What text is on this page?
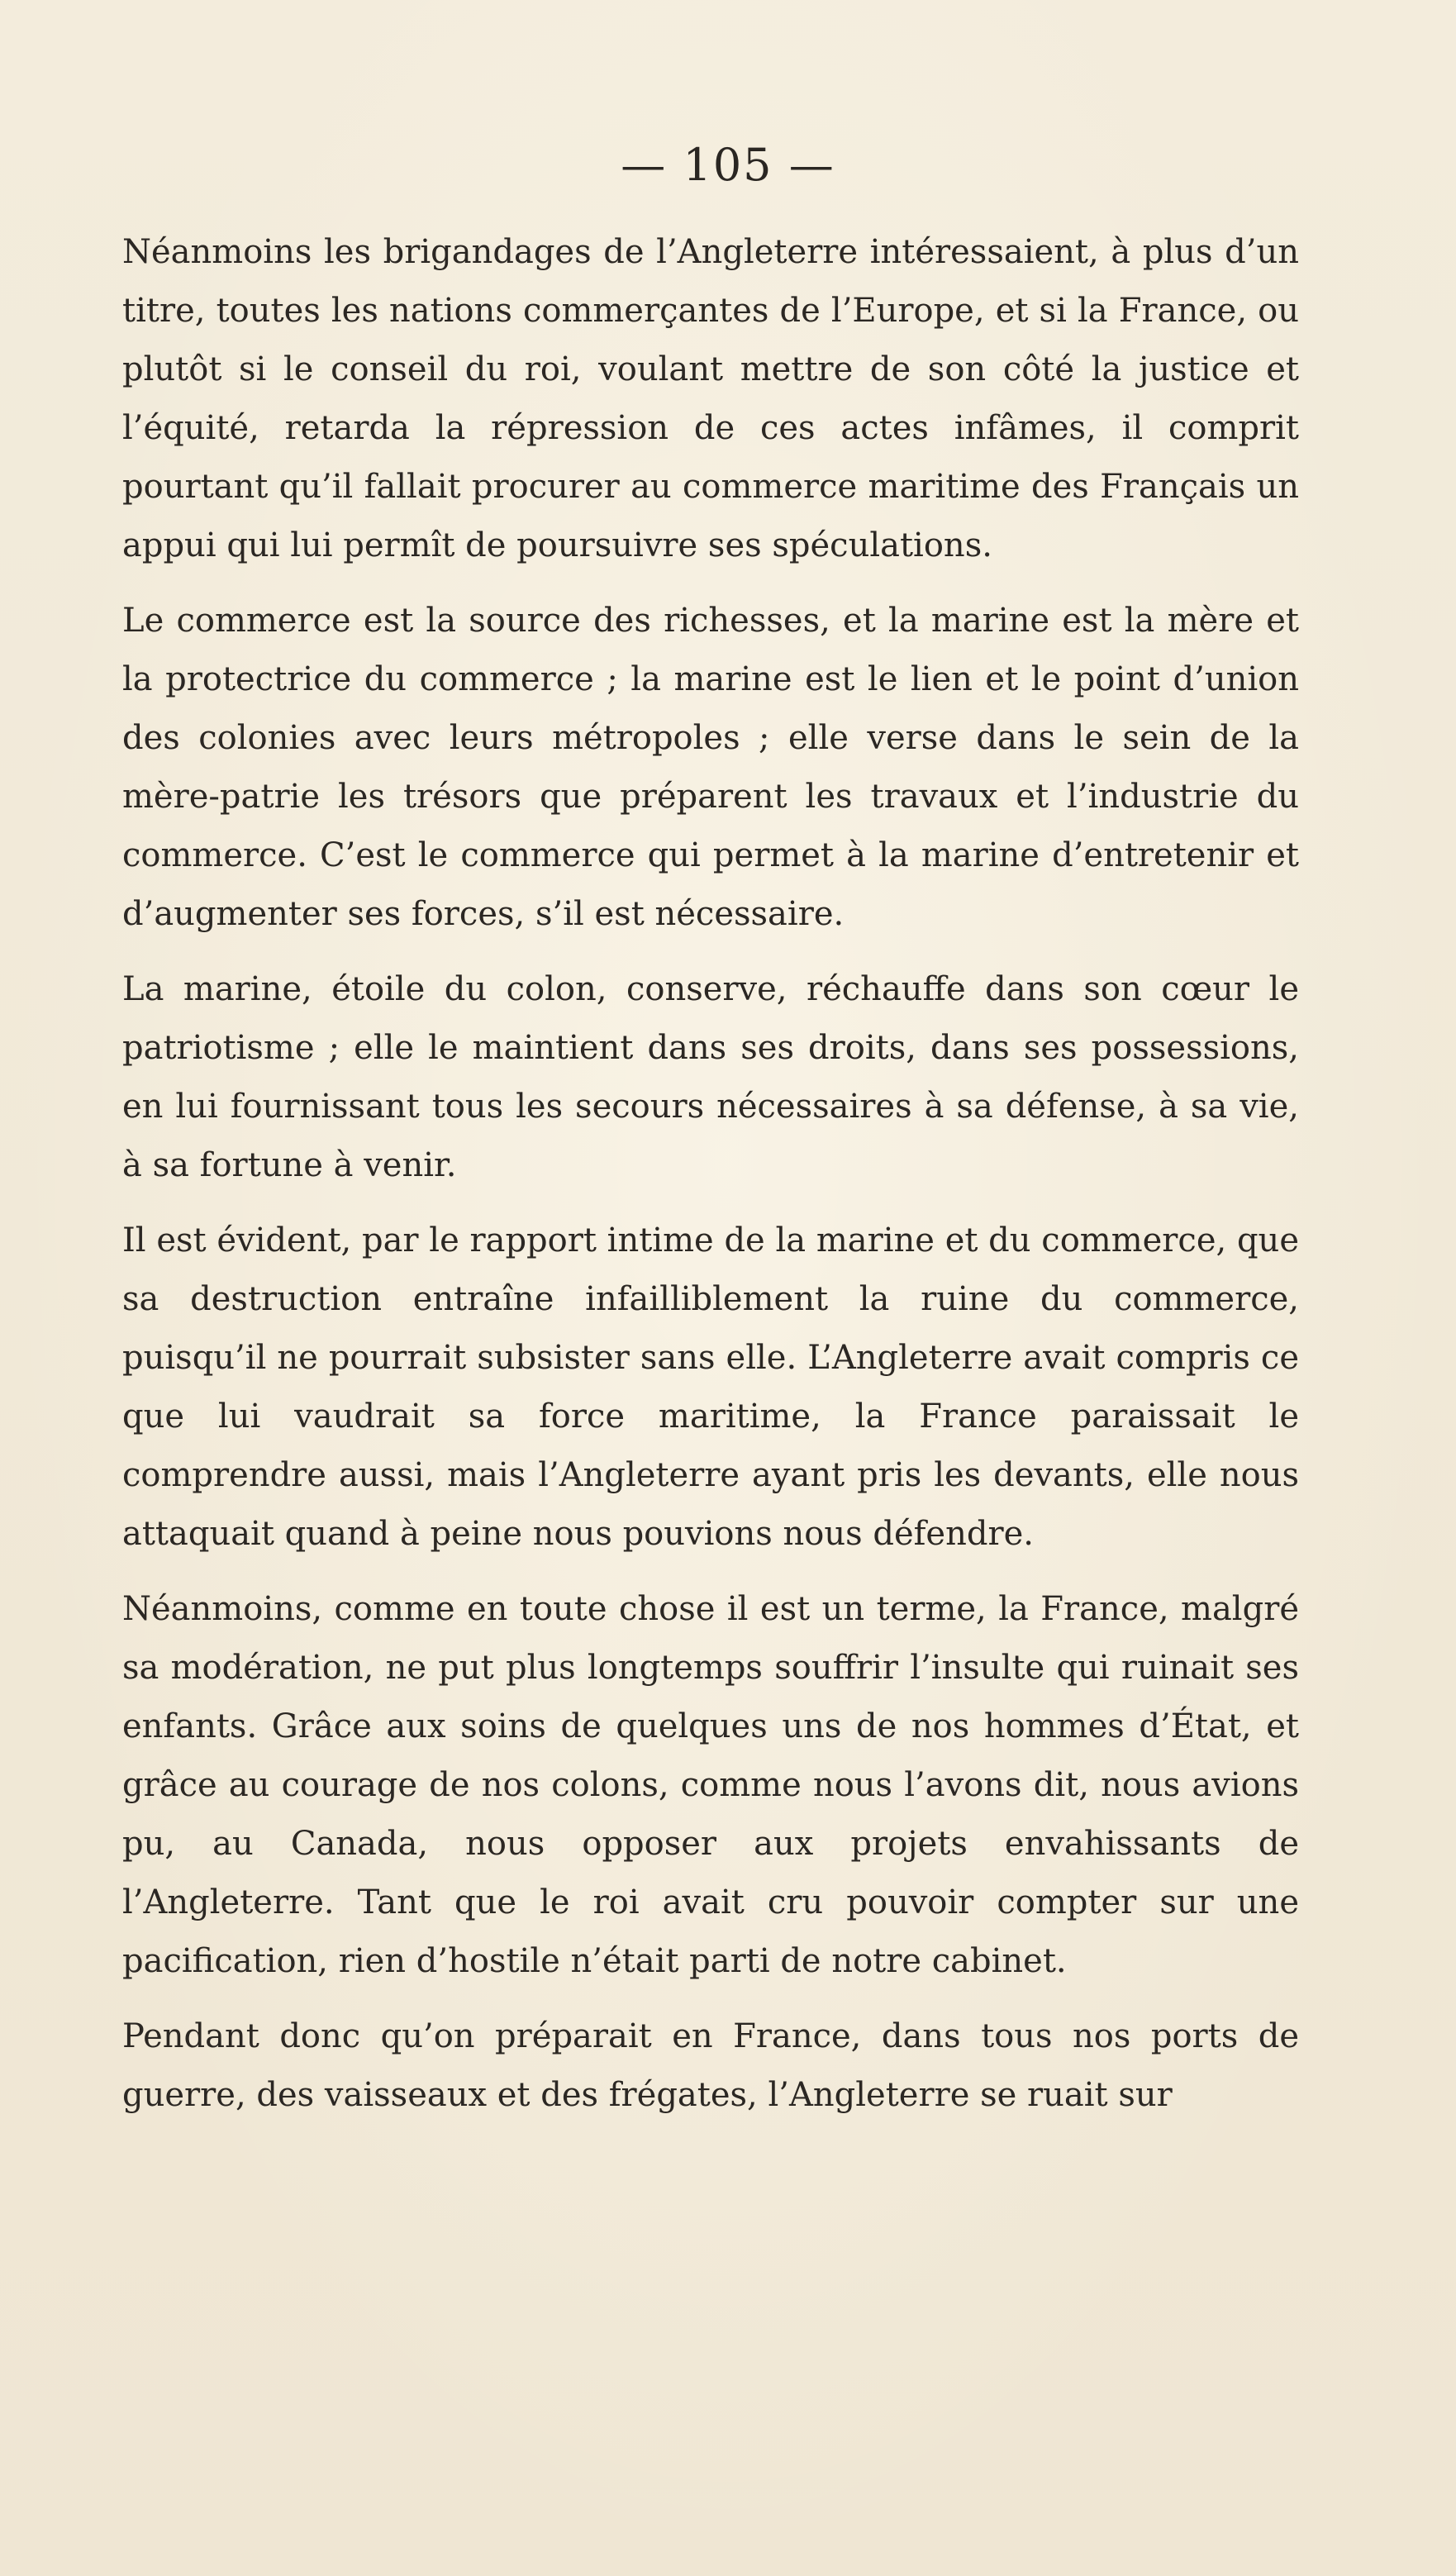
— 105 —

Néanmoins les brigandages de l’Angleterre intéressaient, à plus d’un titre, toutes les nations commerçantes de l’Europe, et si la France, ou plutôt si le conseil du roi, voulant mettre de son côté la justice et l’équité, retarda la répression de ces actes infâmes, il comprit pourtant qu’il fallait procurer au commerce maritime des Français un appui qui lui permît de poursuivre ses spéculations.

Le commerce est la source des richesses, et la marine est la mère et la protectrice du commerce ; la marine est le lien et le point d’union des colonies avec leurs métropoles ; elle verse dans le sein de la mère-patrie les trésors que préparent les travaux et l’industrie du commerce. C’est le commerce qui permet à la marine d’entretenir et d’augmenter ses forces, s’il est nécessaire.

La marine, étoile du colon, conserve, réchauffe dans son cœur le patriotisme ; elle le maintient dans ses droits, dans ses possessions, en lui fournissant tous les secours nécessaires à sa défense, à sa vie, à sa fortune à venir.

Il est évident, par le rapport intime de la marine et du commerce, que sa destruction entraîne infailliblement la ruine du commerce, puisqu’il ne pourrait subsister sans elle. L’Angleterre avait compris ce que lui vaudrait sa force maritime, la France paraissait le comprendre aussi, mais l’Angleterre ayant pris les devants, elle nous attaquait quand à peine nous pouvions nous défendre.

Néanmoins, comme en toute chose il est un terme, la France, malgré sa modération, ne put plus longtemps souffrir l’insulte qui ruinait ses enfants. Grâce aux soins de quelques uns de nos hommes d’État, et grâce au courage de nos colons, comme nous l’avons dit, nous avions pu, au Canada, nous opposer aux projets envahissants de l’Angleterre. Tant que le roi avait cru pouvoir compter sur une pacification, rien d’hostile n’était parti de notre cabinet.

Pendant donc qu’on préparait en France, dans tous nos ports de guerre, des vaisseaux et des frégates, l’Angleterre se ruait sur
